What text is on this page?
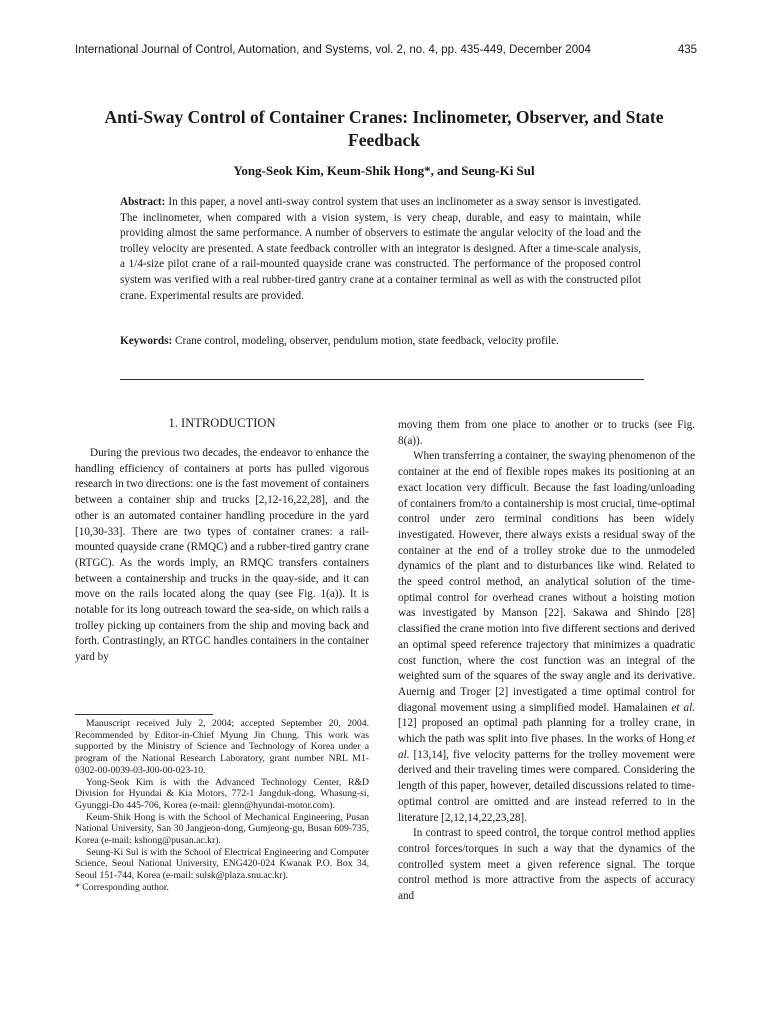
International Journal of Control, Automation, and Systems, vol. 2, no. 4, pp. 435-449, December 2004	435
Anti-Sway Control of Container Cranes: Inclinometer, Observer, and State Feedback
Yong-Seok Kim, Keum-Shik Hong*, and Seung-Ki Sul
Abstract: In this paper, a novel anti-sway control system that uses an inclinometer as a sway sensor is investigated. The inclinometer, when compared with a vision system, is very cheap, durable, and easy to maintain, while providing almost the same performance. A number of observers to estimate the angular velocity of the load and the trolley velocity are presented. A state feedback controller with an integrator is designed. After a time-scale analysis, a 1/4-size pilot crane of a rail-mounted quayside crane was constructed. The performance of the proposed control system was verified with a real rubber-tired gantry crane at a container terminal as well as with the constructed pilot crane. Experimental results are provided.
Keywords: Crane control, modeling, observer, pendulum motion, state feedback, velocity profile.
1. INTRODUCTION

During the previous two decades, the endeavor to enhance the handling efficiency of containers at ports has pulled vigorous research in two directions: one is the fast movement of containers between a container ship and trucks [2,12-16,22,28], and the other is an automated container handling procedure in the yard [10,30-33]. There are two types of container cranes: a rail-mounted quayside crane (RMQC) and a rubber-tired gantry crane (RTGC). As the words imply, an RMQC transfers containers between a containership and trucks in the quay-side, and it can move on the rails located along the quay (see Fig. 1(a)). It is notable for its long outreach toward the sea-side, on which rails a trolley picking up containers from the ship and moving back and forth. Contrastingly, an RTGC handles containers in the container yard by

Manuscript received July 2, 2004; accepted September 20, 2004. Recommended by Editor-in-Chief Myung Jin Chung. This work was supported by the Ministry of Science and Technology of Korea under a program of the National Research Laboratory, grant number NRL M1-0302-00-0039-03-J00-00-023-10.

Yong-Seok Kim is with the Advanced Technology Center, R&D Division for Hyundai & Kia Motors, 772-1 Jangduk-dong, Whasung-si, Gyunggi-Do 445-706, Korea (e-mail: glenn@hyundai-motor.com).

Keum-Shik Hong is with the School of Mechanical Engineering, Pusan National University, San 30 Jangjeon-dong, Gumjeong-gu, Busan 609-735, Korea (e-mail: kshong@pusan.ac.kr).

Seung-Ki Sul is with the School of Electrical Engineering and Computer Science, Seoul National University, ENG420-024 Kwanak P.O. Box 34, Seoul 151-744, Korea (e-mail: sulsk@plaza.snu.ac.kr).

* Corresponding author.

moving them from one place to another or to trucks (see Fig. 8(a)).

When transferring a container, the swaying phenomenon of the container at the end of flexible ropes makes its positioning at an exact location very difficult. Because the fast loading/unloading of containers from/to a containership is most crucial, time-optimal control under zero terminal conditions has been widely investigated. However, there always exists a residual sway of the container at the end of a trolley stroke due to the unmodeled dynamics of the plant and to disturbances like wind. Related to the speed control method, an analytical solution of the time-optimal control for overhead cranes without a hoisting motion was investigated by Manson [22]. Sakawa and Shindo [28] classified the crane motion into five different sections and derived an optimal speed reference trajectory that minimizes a quadratic cost function, where the cost function was an integral of the weighted sum of the squares of the sway angle and its derivative. Auernig and Troger [2] investigated a time optimal control for diagonal movement using a simplified model. Hamalainen et al. [12] proposed an optimal path planning for a trolley crane, in which the path was split into five phases. In the works of Hong et al. [13,14], five velocity patterns for the trolley movement were derived and their traveling times were compared. Considering the length of this paper, however, detailed discussions related to time-optimal control are omitted and are instead referred to in the literature [2,12,14,22,23,28].

In contrast to speed control, the torque control method applies control forces/torques in such a way that the dynamics of the controlled system meet a given reference signal. The torque control method is more attractive from the aspects of accuracy and
